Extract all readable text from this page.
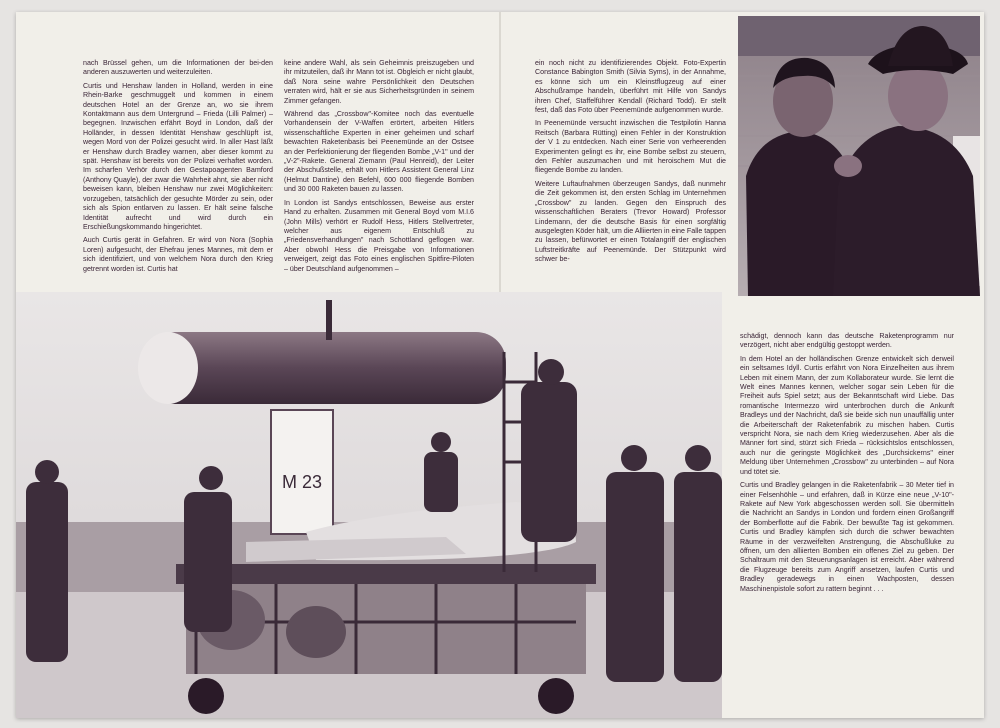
nach Brüssel gehen, um die Informationen der bei-den anderen auszuwerten und weiterzuleiten.

Curtis und Henshaw landen in Holland, werden in eine Rhein-Barke geschmuggelt und kommen in einem deutschen Hotel an der Grenze an, wo sie ihrem Kontaktmann aus dem Untergrund – Frieda (Lilli Palmer) – begegnen. Inzwischen erfährt Boyd in London, daß der Holländer, in dessen Identität Henshaw geschlüpft ist, wegen Mord von der Polizei gesucht wird. In aller Hast läßt er Henshaw durch Bradley warnen, aber dieser kommt zu spät. Henshaw ist bereits von der Polizei verhaftet worden. Im scharfen Verhör durch den Gestapoagenten Bamford (Anthony Quayle), der zwar die Wahrheit ahnt, sie aber nicht beweisen kann, bleiben Henshaw nur zwei Möglichkeiten: vorzugeben, tatsächlich der gesuchte Mörder zu sein, oder sich als Spion entlarven zu lassen. Er hält seine falsche Identität aufrecht und wird durch ein Erschießungskommando hingerichtet.

Auch Curtis gerät in Gefahren. Er wird von Nora (Sophia Loren) aufgesucht, der Ehefrau jenes Mannes, mit dem er sich identifiziert, und von welchem Nora durch den Krieg getrennt worden ist. Curtis hat

keine andere Wahl, als sein Geheimnis preiszugeben und ihr mitzuteilen, daß ihr Mann tot ist. Obgleich er nicht glaubt, daß Nora seine wahre Persönlichkeit den Deutschen verraten wird, hält er sie aus Sicherheitsgründen in seinem Zimmer gefangen.

Während das „Crossbow"-Komitee noch das eventuelle Vorhandensein der V-Waffen erörtert, arbeiten Hitlers wissenschaftliche Experten in einer geheimen und scharf bewachten Raketenbasis bei Peenemünde an der Ostsee an der Perfektionierung der fliegenden Bombe „V-1" und der „V-2"-Rakete. General Ziemann (Paul Henreid), der Leiter der Abschußstelle, erhält von Hitlers Assistent General Linz (Helmut Dantine) den Befehl, 600 000 fliegende Bomben und 30 000 Raketen bauen zu lassen.

In London ist Sandys entschlossen, Beweise aus erster Hand zu erhalten. Zusammen mit General Boyd vom M.I.6 (John Mills) verhört er Rudolf Hess, Hitlers Stellvertreter, welcher aus eigenem Entschluß zu „Friedensverhandlungen" nach Schottland geflogen war. Aber obwohl Hess die Preisgabe von Informationen verweigert, zeigt das Foto eines englischen Spitfire-Piloten – über Deutschland aufgenommen –

ein noch nicht zu identifizierendes Objekt. Foto-Expertin Constance Babington Smith (Silvia Syms), in der Annahme, es könne sich um ein Kleinstflugzeug auf einer Abschußrampe handeln, überführt mit Hilfe von Sandys ihren Chef, Staffelführer Kendall (Richard Todd). Er stellt fest, daß das Foto über Peenemünde aufgenommen wurde.

In Peenemünde versucht inzwischen die Testpilotin Hanna Reitsch (Barbara Rütting) einen Fehler in der Konstruktion der V 1 zu entdecken. Nach einer Serie von verheerenden Experimenten gelingt es ihr, eine Bombe selbst zu steuern, den Fehler auszumachen und mit heroischem Mut die fliegende Bombe zu landen.

Weitere Luftaufnahmen überzeugen Sandys, daß nunmehr die Zeit gekommen ist, den ersten Schlag im Unternehmen „Crossbow" zu landen. Gegen den Einspruch des wissenschaftlichen Beraters (Trevor Howard) Professor Lindemann, der die deutsche Basis für einen sorgfältig ausgelegten Köder hält, um die Alliierten in eine Falle tappen zu lassen, befürwortet er einen Totalangriff der englischen Luftstreitkräfte auf Peenemünde. Der Stützpunkt wird schwer be-

schädigt, dennoch kann das deutsche Raketenprogramm nur verzögert, nicht aber endgültig gestoppt werden.

In dem Hotel an der holländischen Grenze entwickelt sich derweil ein seltsames Idyll. Curtis erfährt von Nora Einzelheiten aus ihrem Leben mit einem Mann, der zum Kollaborateur wurde. Sie lernt die Welt eines Mannes kennen, welcher sogar sein Leben für die Freiheit aufs Spiel setzt; aus der Bekanntschaft wird Liebe. Das romantische Intermezzo wird unterbrochen durch die Ankunft Bradleys und der Nachricht, daß sie beide sich nun unauffällig unter die Arbeiterschaft der Raketenfabrik zu mischen haben. Curtis verspricht Nora, sie nach dem Krieg wiederzusehen. Aber als die Männer fort sind, stürzt sich Frieda – rücksichtslos entschlossen, auch nur die geringste Möglichkeit des „Durchsickerns" einer Meldung über Unternehmen „Crossbow" zu unterbinden – auf Nora und tötet sie.

Curtis und Bradley gelangen in die Raketenfabrik – 30 Meter tief in einer Felsenhöhle – und erfahren, daß in Kürze eine neue „V-10"-Rakete auf New York abgeschossen werden soll. Sie übermitteln die Nachricht an Sandys in London und fordern einen Großangriff der Bomberflotte auf die Fabrik. Der bewußte Tag ist gekommen. Curtis und Bradley kämpfen sich durch die schwer bewachten Räume in der verzweifelten Anstrengung, die Abschußluke zu öffnen, um den alliierten Bomben ein offenes Ziel zu geben. Der Schaltraum mit den Steuerungsanlagen ist erreicht. Aber während die Flugzeuge bereits zum Angriff ansetzen, laufen Curtis und Bradley geradewegs in einen Wachposten, dessen Maschinenpistole sofort zu rattern beginnt . . .

M 23
